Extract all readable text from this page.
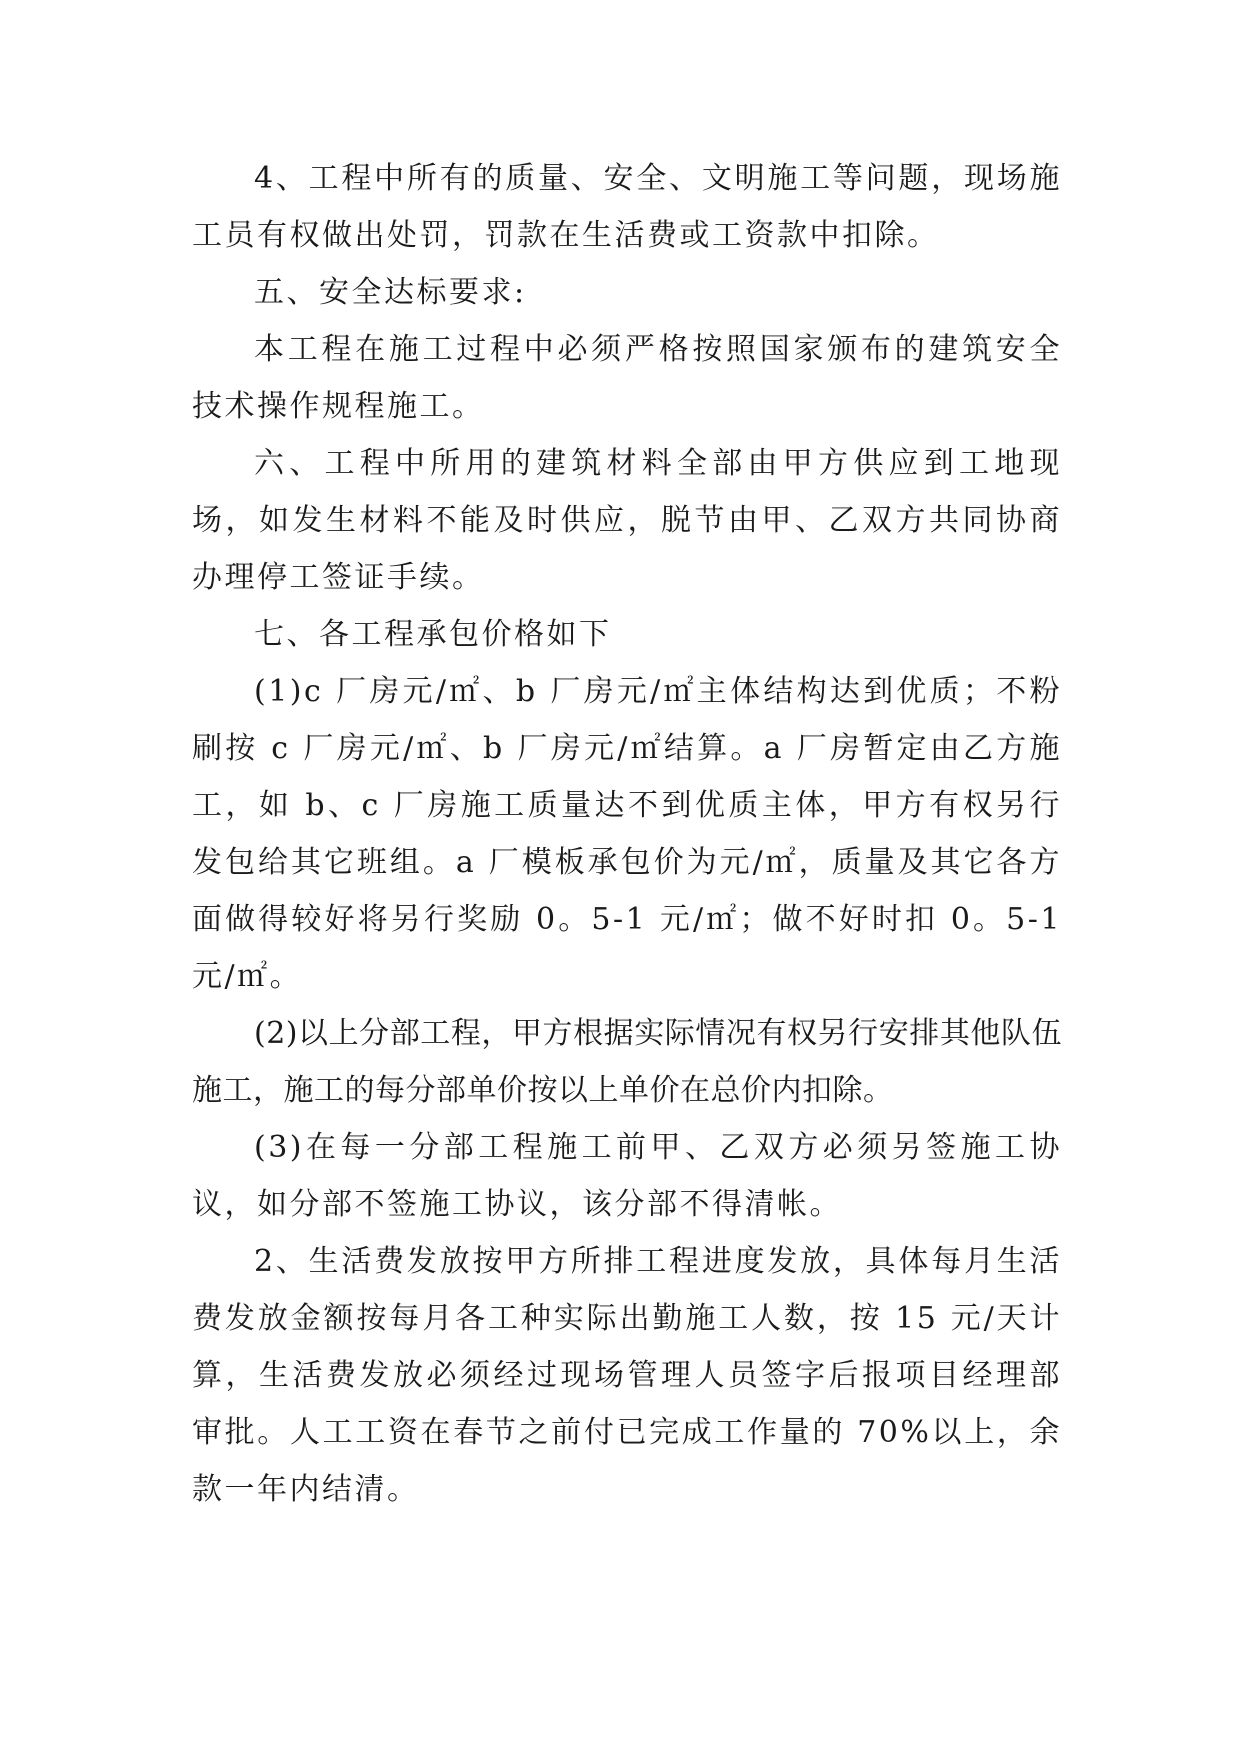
4、工程中所有的质量、安全、文明施工等问题，现场施工员有权做出处罚，罚款在生活费或工资款中扣除。

五、安全达标要求:

本工程在施工过程中必须严格按照国家颁布的建筑安全技术操作规程施工。

六、工程中所用的建筑材料全部由甲方供应到工地现场，如发生材料不能及时供应，脱节由甲、乙双方共同协商办理停工签证手续。

七、各工程承包价格如下

(1)c 厂房元/㎡、b 厂房元/㎡主体结构达到优质；不粉刷按 c 厂房元/㎡、b 厂房元/㎡结算。a 厂房暂定由乙方施工，如 b、c 厂房施工质量达不到优质主体，甲方有权另行发包给其它班组。a 厂模板承包价为元/㎡，质量及其它各方面做得较好将另行奖励 0。5-1 元/㎡；做不好时扣 0。5-1 元/㎡。

(2)以上分部工程，甲方根据实际情况有权另行安排其他队伍施工，施工的每分部单价按以上单价在总价内扣除。

(3)在每一分部工程施工前甲、乙双方必须另签施工协议，如分部不签施工协议，该分部不得清帐。

2、生活费发放按甲方所排工程进度发放，具体每月生活费发放金额按每月各工种实际出勤施工人数，按 15 元/天计算，生活费发放必须经过现场管理人员签字后报项目经理部审批。人工工资在春节之前付已完成工作量的 70%以上，余款一年内结清。
